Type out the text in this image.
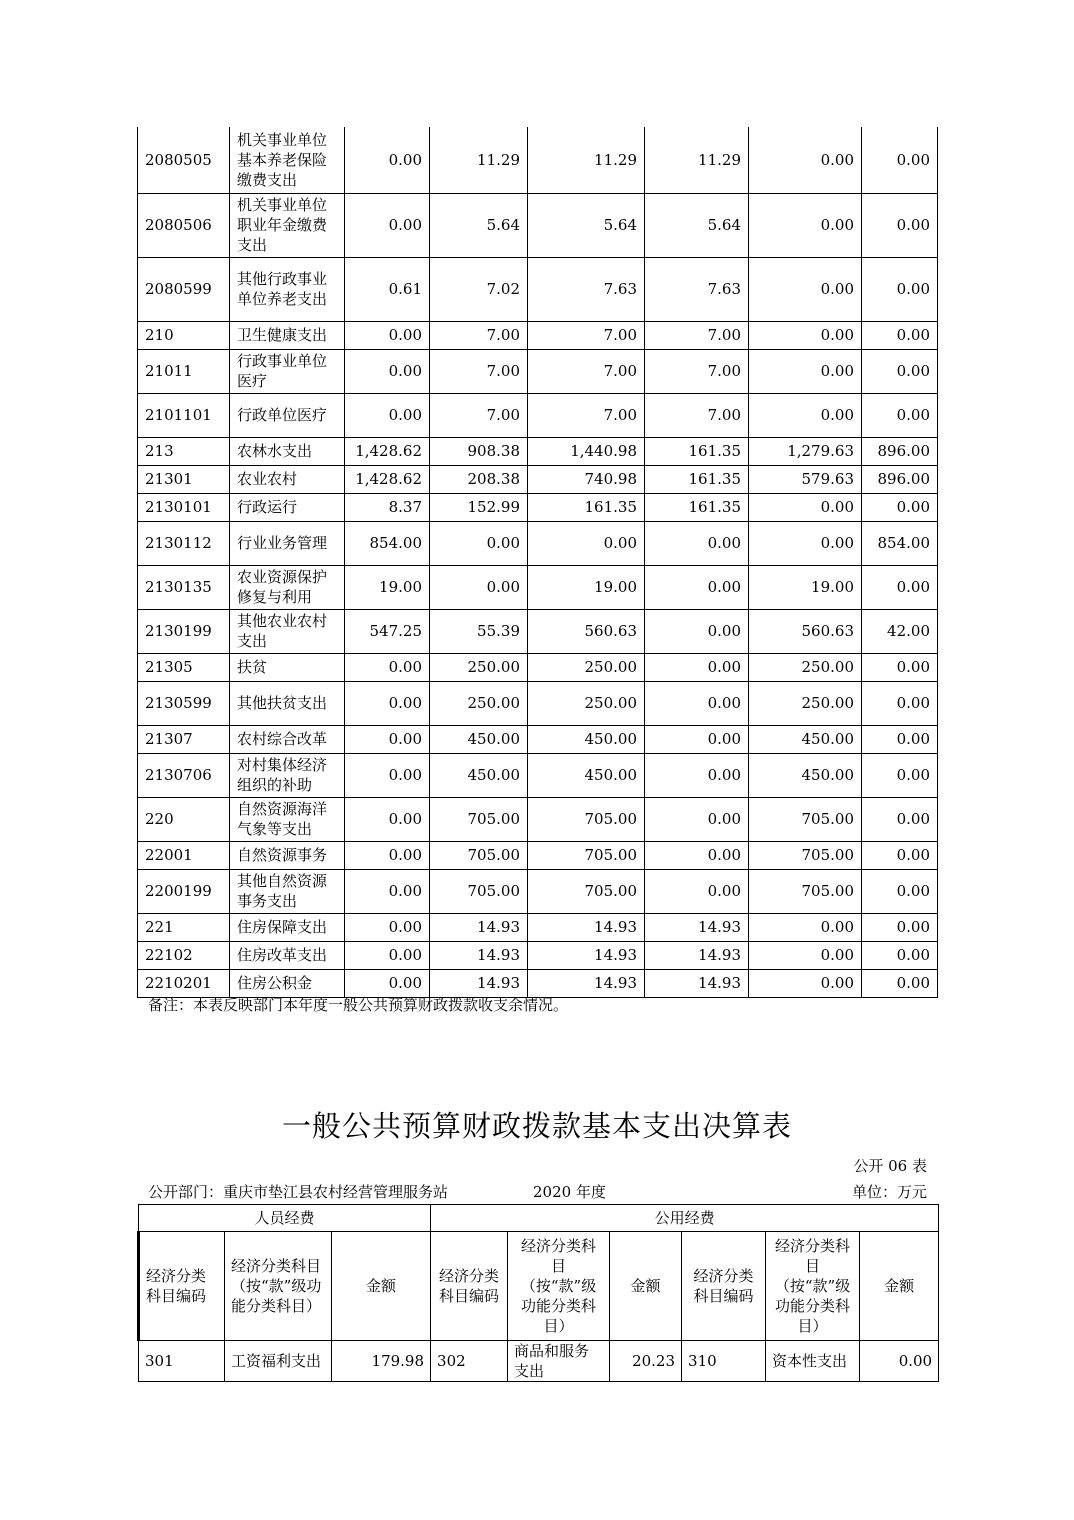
2080505	机关事业单位基本养老保险缴费支出	0.00	11.29	11.29	11.29	0.00	0.00
2080506	机关事业单位职业年金缴费支出	0.00	5.64	5.64	5.64	0.00	0.00
2080599	其他行政事业单位养老支出	0.61	7.02	7.63	7.63	0.00	0.00
210	卫生健康支出	0.00	7.00	7.00	7.00	0.00	0.00
21011	行政事业单位医疗	0.00	7.00	7.00	7.00	0.00	0.00
2101101	行政单位医疗	0.00	7.00	7.00	7.00	0.00	0.00
213	农林水支出	1,428.62	908.38	1,440.98	161.35	1,279.63	896.00
21301	农业农村	1,428.62	208.38	740.98	161.35	579.63	896.00
2130101	行政运行	8.37	152.99	161.35	161.35	0.00	0.00
2130112	行业业务管理	854.00	0.00	0.00	0.00	0.00	854.00
2130135	农业资源保护修复与利用	19.00	0.00	19.00	0.00	19.00	0.00
2130199	其他农业农村支出	547.25	55.39	560.63	0.00	560.63	42.00
21305	扶贫	0.00	250.00	250.00	0.00	250.00	0.00
2130599	其他扶贫支出	0.00	250.00	250.00	0.00	250.00	0.00
21307	农村综合改革	0.00	450.00	450.00	0.00	450.00	0.00
2130706	对村集体经济组织的补助	0.00	450.00	450.00	0.00	450.00	0.00
220	自然资源海洋气象等支出	0.00	705.00	705.00	0.00	705.00	0.00
22001	自然资源事务	0.00	705.00	705.00	0.00	705.00	0.00
2200199	其他自然资源事务支出	0.00	705.00	705.00	0.00	705.00	0.00
221	住房保障支出	0.00	14.93	14.93	14.93	0.00	0.00
22102	住房改革支出	0.00	14.93	14.93	14.93	0.00	0.00
2210201	住房公积金	0.00	14.93	14.93	14.93	0.00	0.00
备注：本表反映部门本年度一般公共预算财政拨款收支余情况。
一般公共预算财政拨款基本支出决算表
公开 06 表
公开部门：重庆市垫江县农村经营管理服务站	2020 年度	单位：万元
人员经费			公用经费					
经济分类科目编码	经济分类科目（按“款”级功能分类科目）	金额	经济分类科目编码	经济分类科目（按“款”级功能分类科目）	金额	经济分类科目编码	经济分类科目（按“款”级功能分类科目）	金额
301	工资福利支出	179.98	302	商品和服务支出	20.23	310	资本性支出	0.00
